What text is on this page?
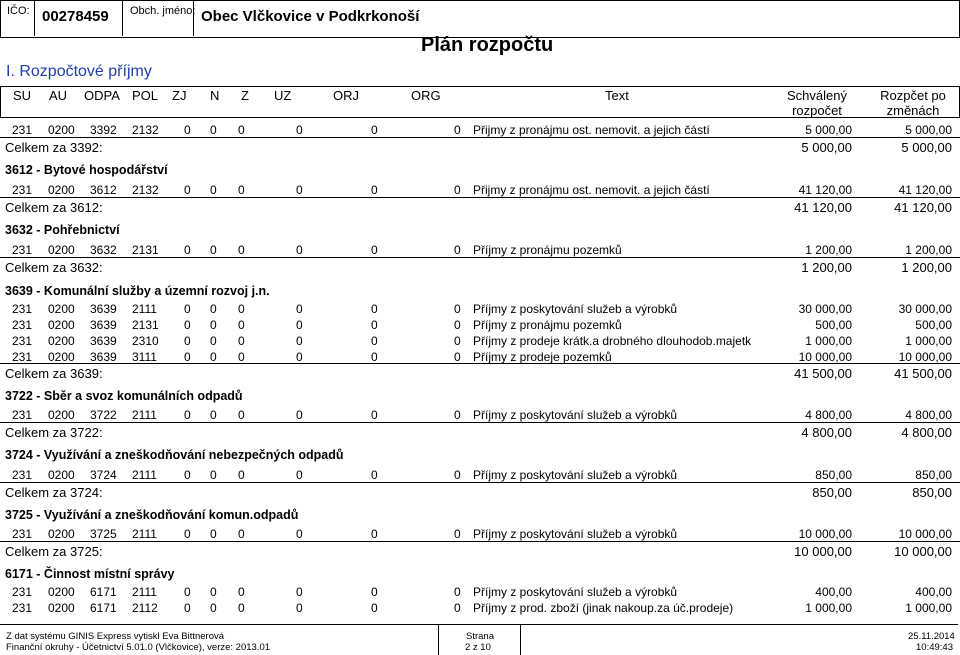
IČO: 00278459 Obch. jméno: Obec Vlčkovice v Podkrkonoší
Plán rozpočtu
I. Rozpočtové příjmy
SU AU ODPA POL ZJ N Z UZ	ORJ	ORG	Text	Schválený
rozpočet
Rozpčet po
změnách
231 0200 3392 2132 0 0 0	0	0	0 Přijmy z pronájmu ost. nemovit. a jejich částí	5 000,00	5 000,00
Celkem za 3392:	5 000,00	5 000,00
3612 - Bytové hospodářství
231 0200 3612 2132 0 0 0	0	0	0 Přijmy z pronájmu ost. nemovit. a jejich částí	41 120,00	41 120,00
Celkem za 3612:	41 120,00	41 120,00
3632 - Pohřebnictví
231 0200 3632 2131 0 0 0	0	0	0 Příjmy z pronájmu pozemků	1 200,00	1 200,00
Celkem za 3632:	1 200,00	1 200,00
3639 - Komunální služby a územní rozvoj j.n.
231 0200 3639 2111 0 0 0	0	0	0 Příjmy z poskytování služeb a výrobků	30 000,00	30 000,00
231 0200 3639 2131 0 0 0	0	0	0 Příjmy z pronájmu pozemků	500,00	500,00
231 0200 3639 2310 0 0 0	0	0	0 Příjmy z prodeje krátk.a drobného dlouhodob.majetk	1 000,00	1 000,00
231 0200 3639 3111 0 0 0	0	0	0 Příjmy z prodeje pozemků	10 000,00	10 000,00
Celkem za 3639:	41 500,00	41 500,00
3722 - Sběr a svoz komunálních odpadů
231 0200 3722 2111 0 0 0	0	0	0 Příjmy z poskytování služeb a výrobků	4 800,00	4 800,00
Celkem za 3722:	4 800,00	4 800,00
3724 - Využívání a zneškodňování nebezpečných odpadů
231 0200 3724 2111 0 0 0	0	0	0 Příjmy z poskytování služeb a výrobků	850,00	850,00
Celkem za 3724:	850,00	850,00
3725 - Využívání a zneškodňování komun.odpadů
231 0200 3725 2111 0 0 0	0	0	0 Příjmy z poskytování služeb a výrobků	10 000,00	10 000,00
Celkem za 3725:	10 000,00	10 000,00
6171 - Činnost místní správy
231 0200 6171 2111 0 0 0	0	0	0 Příjmy z poskytování služeb a výrobků	400,00	400,00
231 0200 6171 2112 0 0 0	0	0	0 Příjmy z prod. zboží (jinak nakoup.za úč.prodeje)	1 000,00	1 000,00
Z dat systému GINIS Express vytiskl Eva Bittnerová
Finanční okruhy - Účetnictví 5.01.0 (Vlčkovice), verze: 2013.01
Strana
2 z 10
25.11.2014
10:49:43
